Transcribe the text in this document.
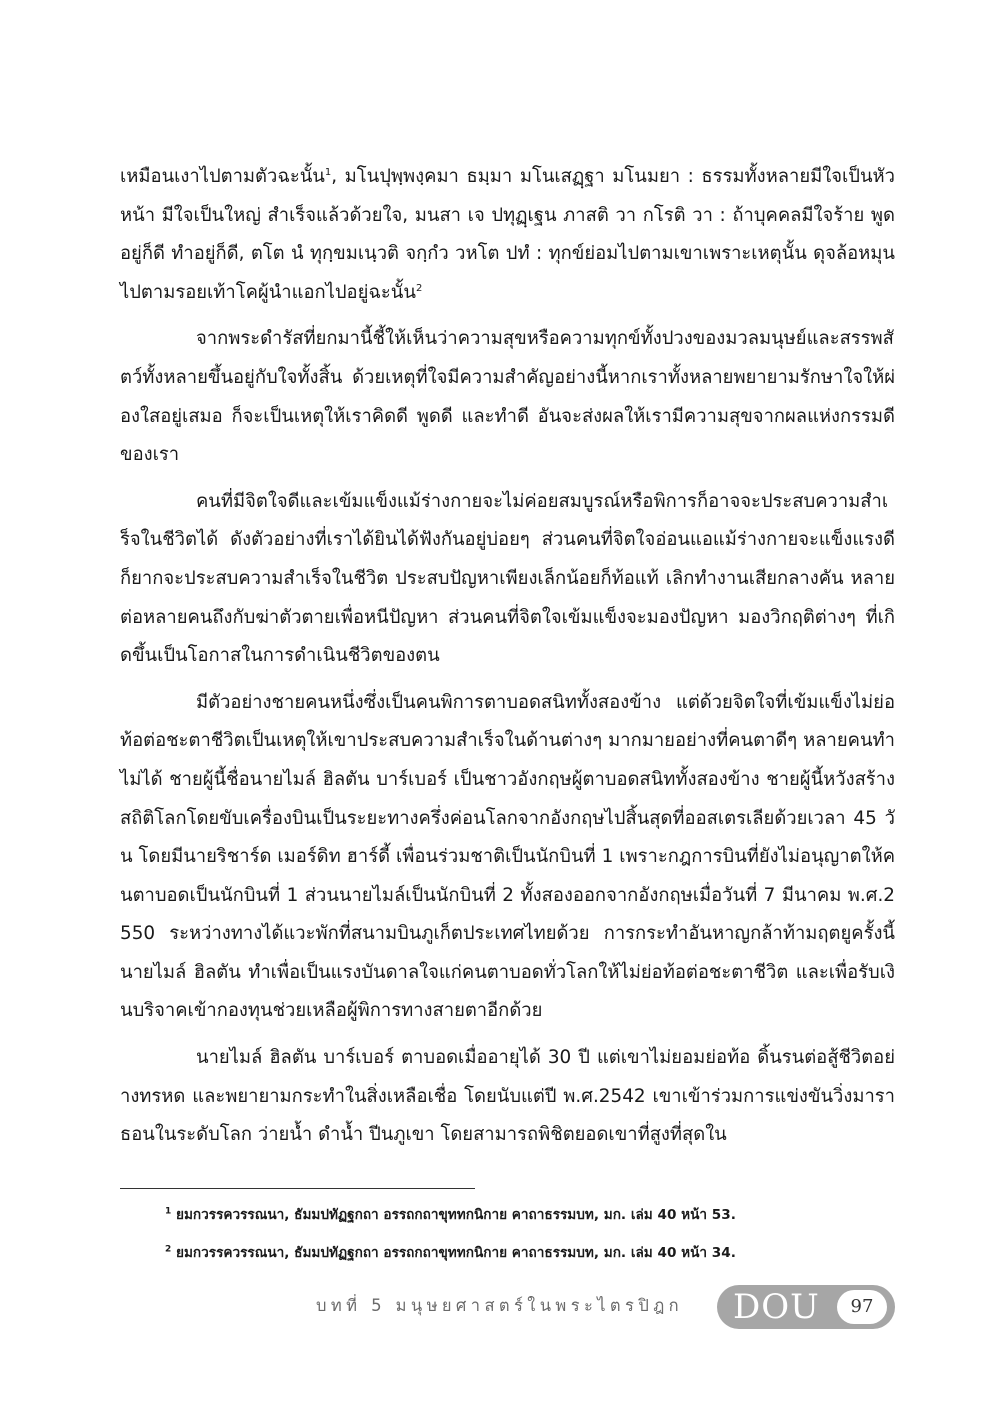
เหมือนเงาไปตามตัวฉะนั้น$^1$, มโนปุพฺพงฺคมา ธมฺมา มโนเสฏฺฐา มโนมยา : ธรรมทั้งหลายมีใจเป็นหัวหน้า มีใจเป็นใหญ่ สำเร็จแล้วด้วยใจ, มนสา เจ ปทุฏฺเฐน ภาสติ วา กโรติ วา : ถ้าบุคคลมีใจร้าย พูดอยู่ก็ดี ทำอยู่ก็ดี, ตโต นํ ทุกฺขมเนฺวติ จกฺกํว วหโต ปทํ : ทุกข์ย่อมไปตามเขาเพราะเหตุนั้น ดุจล้อหมุนไปตามรอยเท้าโคผู้นำแอกไปอยู่ฉะนั้น$^2$

จากพระดำรัสที่ยกมานี้ชี้ให้เห็นว่าความสุขหรือความทุกข์ทั้งปวงของมวลมนุษย์และสรรพสัตว์ทั้งหลายขึ้นอยู่กับใจทั้งสิ้น ด้วยเหตุที่ใจมีความสำคัญอย่างนี้หากเราทั้งหลายพยายามรักษาใจให้ผ่องใสอยู่เสมอ ก็จะเป็นเหตุให้เราคิดดี พูดดี และทำดี อันจะส่งผลให้เรามีความสุขจากผลแห่งกรรมดีของเรา

คนที่มีจิตใจดีและเข้มแข็งแม้ร่างกายจะไม่ค่อยสมบูรณ์หรือพิการก็อาจจะประสบความสำเร็จในชีวิตได้ ดังตัวอย่างที่เราได้ยินได้ฟังกันอยู่บ่อยๆ ส่วนคนที่จิตใจอ่อนแอแม้ร่างกายจะแข็งแรงดี ก็ยากจะประสบความสำเร็จในชีวิต ประสบปัญหาเพียงเล็กน้อยก็ท้อแท้ เลิกทำงานเสียกลางคัน หลายต่อหลายคนถึงกับฆ่าตัวตายเพื่อหนีปัญหา ส่วนคนที่จิตใจเข้มแข็งจะมองปัญหา มองวิกฤติต่างๆ ที่เกิดขึ้นเป็นโอกาสในการดำเนินชีวิตของตน

มีตัวอย่างชายคนหนึ่งซึ่งเป็นคนพิการตาบอดสนิททั้งสองข้าง แต่ด้วยจิตใจที่เข้มแข็งไม่ย่อท้อต่อชะตาชีวิตเป็นเหตุให้เขาประสบความสำเร็จในด้านต่างๆ มากมายอย่างที่คนตาดีๆ หลายคนทำไม่ได้ ชายผู้นี้ชื่อนายไมล์ ฮิลตัน บาร์เบอร์ เป็นชาวอังกฤษผู้ตาบอดสนิททั้งสองข้าง ชายผู้นี้หวังสร้างสถิติโลกโดยขับเครื่องบินเป็นระยะทางครึ่งค่อนโลกจากอังกฤษไปสิ้นสุดที่ออสเตรเลียด้วยเวลา 45 วัน โดยมีนายริชาร์ด เมอร์ดิท ฮาร์ดี้ เพื่อนร่วมชาติเป็นนักบินที่ 1 เพราะกฎการบินที่ยังไม่อนุญาตให้คนตาบอดเป็นนักบินที่ 1 ส่วนนายไมล์เป็นนักบินที่ 2 ทั้งสองออกจากอังกฤษเมื่อวันที่ 7 มีนาคม พ.ศ.2550 ระหว่างทางได้แวะพักที่สนามบินภูเก็ตประเทศไทยด้วย การกระทำอันหาญกล้าท้ามฤตยูครั้งนี้ นายไมล์ ฮิลตัน ทำเพื่อเป็นแรงบันดาลใจแก่คนตาบอดทั่วโลกให้ไม่ย่อท้อต่อชะตาชีวิต และเพื่อรับเงินบริจาคเข้ากองทุนช่วยเหลือผู้พิการทางสายตาอีกด้วย

นายไมล์ ฮิลตัน บาร์เบอร์ ตาบอดเมื่ออายุได้ 30 ปี แต่เขาไม่ยอมย่อท้อ ดิ้นรนต่อสู้ชีวิตอย่างทรหด และพยายามกระทำในสิ่งเหลือเชื่อ โดยนับแต่ปี พ.ศ.2542 เขาเข้าร่วมการแข่งขันวิ่งมาราธอนในระดับโลก ว่ายน้ำ ดำน้ำ ปีนภูเขา โดยสามารถพิชิตยอดเขาที่สูงที่สุดใน

$^1$ ยมกวรรควรรณนา, ธัมมปทัฏฐกถา อรรถกถาขุททกนิกาย คาถาธรรมบท, มก. เล่ม 40 หน้า 53.

$^2$ ยมกวรรควรรณนา, ธัมมปทัฏฐกถา อรรถกถาขุททกนิกาย คาถาธรรมบท, มก. เล่ม 40 หน้า 34.

บทที่ 5 มนุษยศาสตร์ในพระไตรปิฎก DOU	97
